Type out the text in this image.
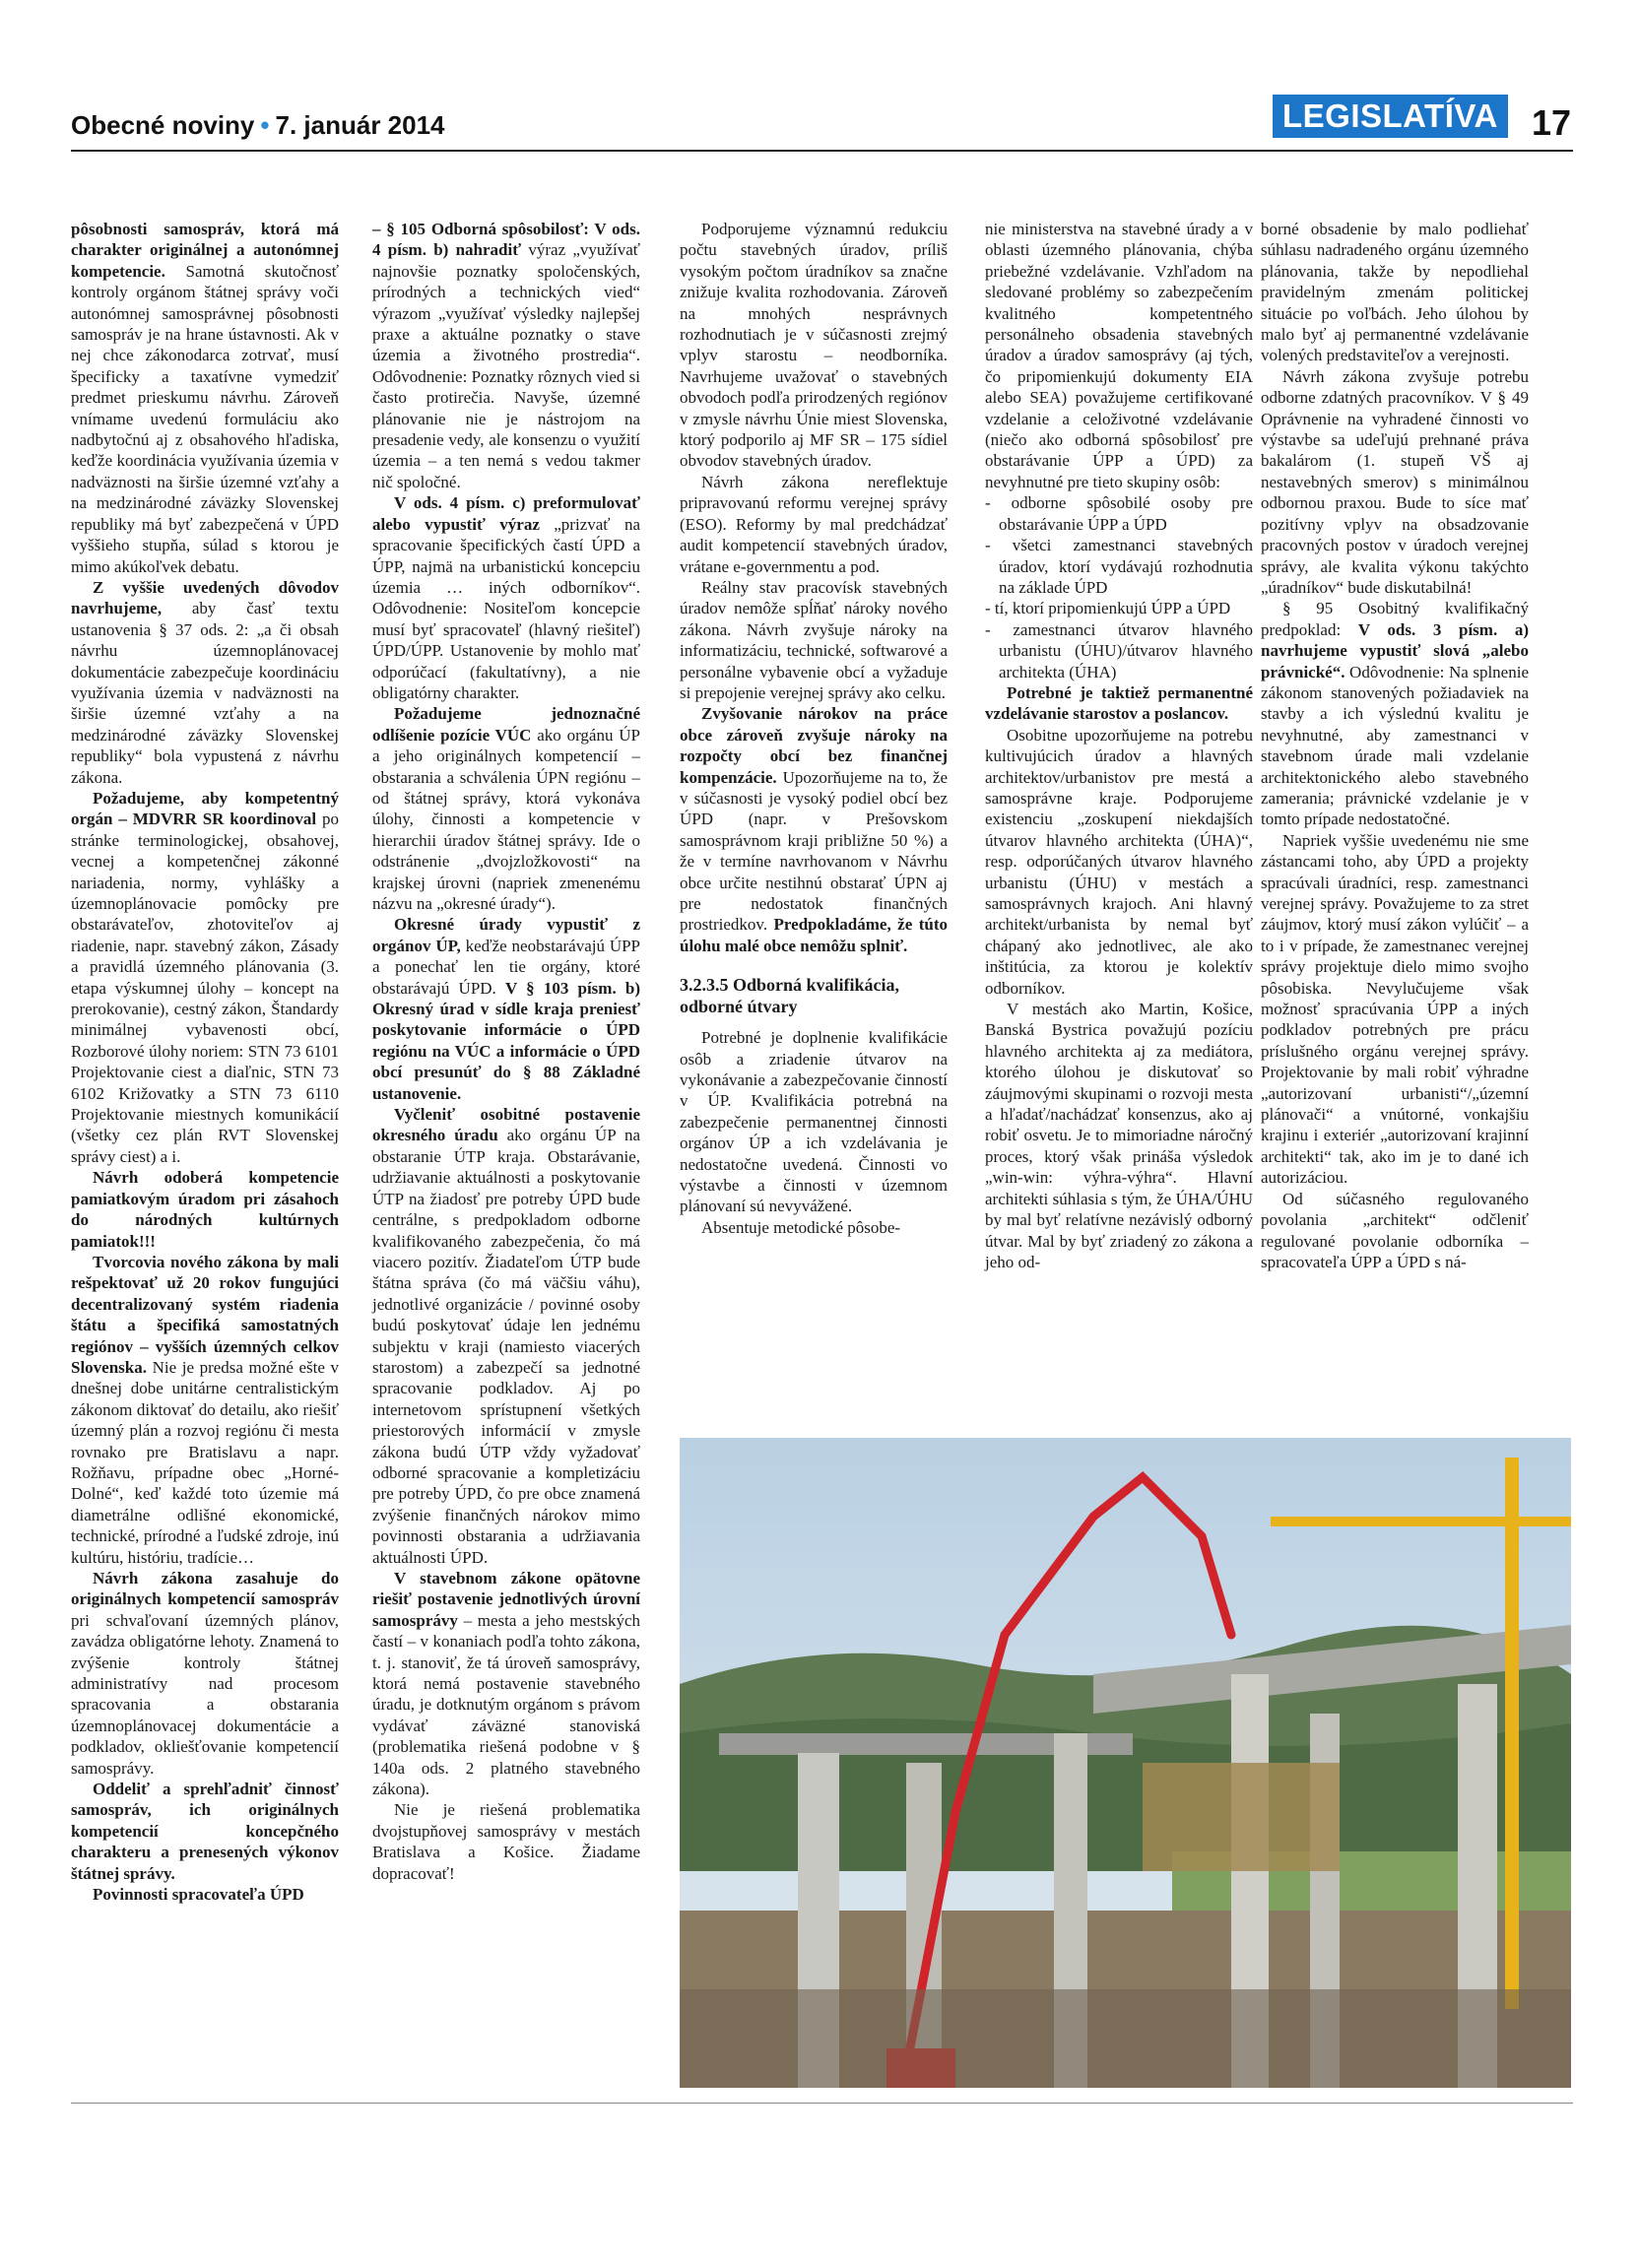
Obecné noviny • 7. január 2014	LEGISLATÍVA 17

pôsobnosti samospráv, ktorá má charakter originálnej a autonómnej kompetencie. Samotná skutočnosť kontroly orgánom štátnej správy voči autonómnej samosprávnej pôsobnosti samospráv je na hrane ústavnosti. Ak v nej chce zákonodarca zotrvať, musí špecificky a taxatívne vymedziť predmet prieskumu návrhu. Zároveň vnímame uvedenú formuláciu ako nadbytočnú aj z obsahového hľadiska, keďže koordinácia využívania územia v nadväznosti na širšie územné vzťahy a na medzinárodné záväzky Slovenskej republiky má byť zabezpečená v ÚPD vyššieho stupňa, súlad s ktorou je mimo akúkoľvek debatu.

Z vyššie uvedených dôvodov navrhujeme, aby časť textu ustanovenia § 37 ods. 2: „a či obsah návrhu územnoplánovacej dokumentácie zabezpečuje koordináciu využívania územia v nadväznosti na širšie územné vzťahy a na medzinárodné záväzky Slovenskej republiky“ bola vypustená z návrhu zákona.

Požadujeme, aby kompetentný orgán – MDVRR SR koordinoval po stránke terminologickej, obsahovej, vecnej a kompetenčnej zákonné nariadenia, normy, vyhlášky a územnoplánovacie pomôcky pre obstarávateľov, zhotoviteľov aj riadenie, napr. stavebný zákon, Zásady a pravidlá územného plánovania (3. etapa výskumnej úlohy – koncept na prerokovanie), cestný zákon, Štandardy minimálnej vybavenosti obcí, Rozborové úlohy noriem: STN 73 6101 Projektovanie ciest a diaľnic, STN 73 6102 Križovatky a STN 73 6110 Projektovanie miestnych komunikácií (všetky cez plán RVT Slovenskej správy ciest) a i.

Návrh odoberá kompetencie pamiatkovým úradom pri zásahoch do národných kultúrnych pamiatok!!!

Tvorcovia nového zákona by mali rešpektovať už 20 rokov fungujúci decentralizovaný systém riadenia štátu a špecifiká samostatných regiónov – vyšších územných celkov Slovenska. Nie je predsa možné ešte v dnešnej dobe unitárne centralistickým zákonom diktovať do detailu, ako riešiť územný plán a rozvoj regiónu či mesta rovnako pre Bratislavu a napr. Rožňavu, prípadne obec „Horné-Dolné“, keď každé toto územie má diametrálne odlišné ekonomické, technické, prírodné a ľudské zdroje, inú kultúru, históriu, tradície…

Návrh zákona zasahuje do originálnych kompetencií samospráv pri schvaľovaní územných plánov, zavádza obligatórne lehoty. Znamená to zvýšenie kontroly štátnej administratívy nad procesom spracovania a obstarania územnoplánovacej dokumentácie a podkladov, okliešťovanie kompetencií samosprávy.

Oddeliť a sprehľadniť činnosť samospráv, ich originálnych kompetencií koncepčného charakteru a prenesených výkonov štátnej správy.

Povinnosti spracovateľa ÚPD

– § 105 Odborná spôsobilosť: V ods. 4 písm. b) nahradiť výraz „využívať najnovšie poznatky spoločenských, prírodných a technických vied“ výrazom „využívať výsledky najlepšej praxe a aktuálne poznatky o stave územia a životného prostredia“. Odôvodnenie: Poznatky rôznych vied si často protirečia. Navyše, územné plánovanie nie je nástrojom na presadenie vedy, ale konsenzu o využití územia – a ten nemá s vedou takmer nič spoločné.

V ods. 4 písm. c) preformulovať alebo vypustiť výraz „prizvať na spracovanie špecifických častí ÚPD a ÚPP, najmä na urbanistickú koncepciu územia … iných odborníkov“. Odôvodnenie: Nositeľom koncepcie musí byť spracovateľ (hlavný riešiteľ) ÚPD/ÚPP. Ustanovenie by mohlo mať odporúčací (fakultatívny), a nie obligatórny charakter.

Požadujeme jednoznačné odlíšenie pozície VÚC ako orgánu ÚP a jeho originálnych kompetencií – obstarania a schválenia ÚPN regiónu – od štátnej správy, ktorá vykonáva úlohy, činnosti a kompetencie v hierarchii úradov štátnej správy. Ide o odstránenie „dvojzložkovosti“ na krajskej úrovni (napriek zmenenému názvu na „okresné úrady“).

Okresné úrady vypustiť z orgánov ÚP, keďže neobstarávajú ÚPP a ponechať len tie orgány, ktoré obstarávajú ÚPD. V § 103 písm. b) Okresný úrad v sídle kraja preniesť poskytovanie informácie o ÚPD regiónu na VÚC a informácie o ÚPD obcí presunúť do § 88 Základné ustanovenie.

Vyčleniť osobitné postavenie okresného úradu ako orgánu ÚP na obstaranie ÚTP kraja. Obstarávanie, udržiavanie aktuálnosti a poskytovanie ÚTP na žiadosť pre potreby ÚPD bude centrálne, s predpokladom odborne kvalifikovaného zabezpečenia, čo má viacero pozitív. Žiadateľom ÚTP bude štátna správa (čo má väčšiu váhu), jednotlivé organizácie / povinné osoby budú poskytovať údaje len jednému subjektu v kraji (namiesto viacerých starostom) a zabezpečí sa jednotné spracovanie podkladov. Aj po internetovom sprístupnení všetkých priestorových informácií v zmysle zákona budú ÚTP vždy vyžadovať odborné spracovanie a kompletizáciu pre potreby ÚPD, čo pre obce znamená zvýšenie finančných nárokov mimo povinnosti obstarania a udržiavania aktuálnosti ÚPD.

V stavebnom zákone opätovne riešiť postavenie jednotlivých úrovní samosprávy – mesta a jeho mestských častí – v konaniach podľa tohto zákona, t. j. stanoviť, že tá úroveň samosprávy, ktorá nemá postavenie stavebného úradu, je dotknutým orgánom s právom vydávať záväzné stanoviská (problematika riešená podobne v § 140a ods. 2 platného stavebného zákona).

Nie je riešená problematika dvojstupňovej samosprávy v mestách Bratislava a Košice. Žiadame dopracovať!

Podporujeme významnú redukciu počtu stavebných úradov, príliš vysokým počtom úradníkov sa značne znižuje kvalita rozhodovania. Zároveň na mnohých nesprávnych rozhodnutiach je v súčasnosti zrejmý vplyv starostu – neodborníka. Navrhujeme uvažovať o stavebných obvodoch podľa prirodzených regiónov v zmysle návrhu Únie miest Slovenska, ktorý podporilo aj MF SR – 175 sídiel obvodov stavebných úradov.

Návrh zákona nereflektuje pripravovanú reformu verejnej správy (ESO). Reformy by mal predchádzať audit kompetencií stavebných úradov, vrátane e-governmentu a pod.

Reálny stav pracovísk stavebných úradov nemôže spĺňať nároky nového zákona. Návrh zvyšuje nároky na informatizáciu, technické, softwarové a personálne vybavenie obcí a vyžaduje si prepojenie verejnej správy ako celku.

Zvyšovanie nárokov na práce obce zároveň zvyšuje nároky na rozpočty obcí bez finančnej kompenzácie. Upozorňujeme na to, že v súčasnosti je vysoký podiel obcí bez ÚPD (napr. v Prešovskom samosprávnom kraji približne 50 %) a že v termíne navrhovanom v Návrhu obce určite nestihnú obstarať ÚPN aj pre nedostatok finančných prostriedkov. Predpokladáme, že túto úlohu malé obce nemôžu splniť.

3.2.3.5 Odborná kvalifikácia, odborné útvary

Potrebné je doplnenie kvalifikácie osôb a zriadenie útvarov na vykonávanie a zabezpečovanie činností v ÚP. Kvalifikácia potrebná na zabezpečenie permanentnej činnosti orgánov ÚP a ich vzdelávania je nedostatočne uvedená. Činnosti vo výstavbe a činnosti v územnom plánovaní sú nevyvážené.

Absentuje metodické pôsobe-

nie ministerstva na stavebné úrady a v oblasti územného plánovania, chýba priebežné vzdelávanie. Vzhľadom na sledované problémy so zabezpečením kvalitného kompetentného personálneho obsadenia stavebných úradov a úradov samosprávy (aj tých, čo pripomienkujú dokumenty EIA alebo SEA) považujeme certifikované vzdelanie a celoživotné vzdelávanie (niečo ako odborná spôsobilosť pre obstarávanie ÚPP a ÚPD) za nevyhnutné pre tieto skupiny osôb:

- odborne spôsobilé osoby pre obstarávanie ÚPP a ÚPD
- všetci zamestnanci stavebných úradov, ktorí vydávajú rozhodnutia na základe ÚPD
- tí, ktorí pripomienkujú ÚPP a ÚPD
- zamestnanci útvarov hlavného urbanistu (ÚHU)/útvarov hlavného architekta (ÚHA)

Potrebné je taktiež permanentné vzdelávanie starostov a poslancov.

Osobitne upozorňujeme na potrebu kultivujúcich úradov a hlavných architektov/urbanistov pre mestá a samosprávne kraje. Podporujeme existenciu „zoskupení niekdajších útvarov hlavného architekta (ÚHA)“, resp. odporúčaných útvarov hlavného urbanistu (ÚHU) v mestách a samosprávnych krajoch. Ani hlavný architekt/urbanista by nemal byť chápaný ako jednotlivec, ale ako inštitúcia, za ktorou je kolektív odborníkov.

V mestách ako Martin, Košice, Banská Bystrica považujú pozíciu hlavného architekta aj za mediátora, ktorého úlohou je diskutovať so záujmovými skupinami o rozvoji mesta a hľadať/nachádzať konsenzus, ako aj robiť osvetu. Je to mimoriadne náročný proces, ktorý však prináša výsledok „win-win: výhra-výhra“. Hlavní architekti súhlasia s tým, že ÚHA/ÚHU by mal byť relatívne nezávislý odborný útvar. Mal by byť zriadený zo zákona a jeho od-

borné obsadenie by malo podliehať súhlasu nadradeného orgánu územného plánovania, takže by nepodliehal pravidelným zmenám politickej situácie po voľbách. Jeho úlohou by malo byť aj permanentné vzdelávanie volených predstaviteľov a verejnosti.

Návrh zákona zvyšuje potrebu odborne zdatných pracovníkov. V § 49 Oprávnenie na vyhradené činnosti vo výstavbe sa udeľujú prehnané práva bakalárom (1. stupeň VŠ aj nestavebných smerov) s minimálnou odbornou praxou. Bude to síce mať pozitívny vplyv na obsadzovanie pracovných postov v úradoch verejnej správy, ale kvalita výkonu takýchto „úradníkov“ bude diskutabilná!

§ 95 Osobitný kvalifikačný predpoklad: V ods. 3 písm. a) navrhujeme vypustiť slová „alebo právnické“. Odôvodnenie: Na splnenie zákonom stanovených požiadaviek na stavby a ich výslednú kvalitu je nevyhnutné, aby zamestnanci v stavebnom úrade mali vzdelanie architektonického alebo stavebného zamerania; právnické vzdelanie je v tomto prípade nedostatočné.

Napriek vyššie uvedenému nie sme zástancami toho, aby ÚPD a projekty spracúvali úradníci, resp. zamestnanci verejnej správy. Považujeme to za stret záujmov, ktorý musí zákon vylúčiť – a to i v prípade, že zamestnanec verejnej správy projektuje dielo mimo svojho pôsobiska. Nevylučujeme však možnosť spracúvania ÚPP a iných podkladov potrebných pre prácu príslušného orgánu verejnej správy. Projektovanie by mali robiť výhradne „autorizovaní urbanisti“/„územní plánovači“ a vnútorné, vonkajšiu krajinu i exteriér „autorizovaní krajinní architekti“ tak, ako im je to dané ich autorizáciou.

Od súčasného regulovaného povolania „architekt“ odčleniť regulované povolanie odborníka – spracovateľa ÚPP a ÚPD s ná-
